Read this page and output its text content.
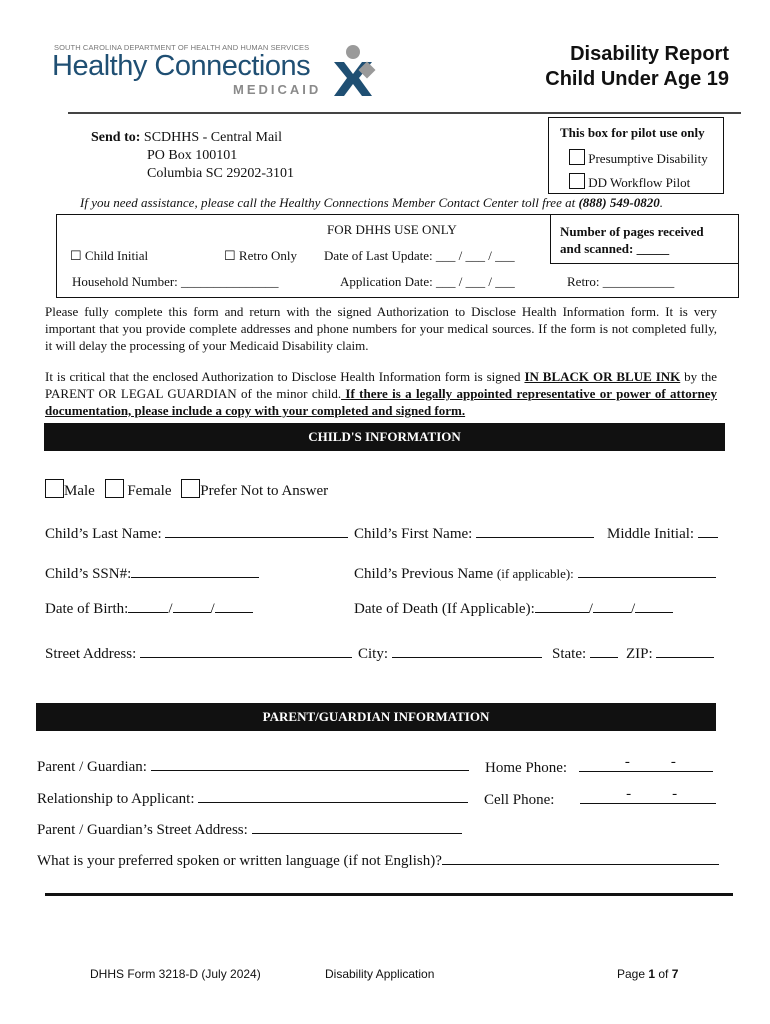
SOUTH CAROLINA DEPARTMENT OF HEALTH AND HUMAN SERVICES
Healthy Connections
MEDICAID
Disability Report
Child Under Age 19
Send to: SCDHHS - Central Mail
PO Box 100101
Columbia SC 29202-3101
This box for pilot use only
Presumptive Disability
DD Workflow Pilot
If you need assistance, please call the Healthy Connections Member Contact Center toll free at (888) 549-0820.
FOR DHHS USE ONLY	Number of pages received
and scanned: _____
☐ Child Initial	☐ Retro Only Date of Last Update: ___ / ___ / ___
Household Number: _______________	Application Date: ___ / ___ / ___	Retro: ___________

Please fully complete this form and return with the signed Authorization to Disclose Health Information form. It is very important that you provide complete addresses and phone numbers for your medical sources. If the form is not completed fully, it will delay the processing of your Medicaid Disability claim.

It is critical that the enclosed Authorization to Disclose Health Information form is signed IN BLACK OR BLUE INK by the PARENT OR LEGAL GUARDIAN of the minor child. If there is a legally appointed representative or power of attorney documentation, please include a copy with your completed and signed form.

CHILD'S INFORMATION
Male Female Prefer Not to Answer
Child’s Last Name:	Child’s First Name:	Middle Initial:
Child’s SSN#:	Child’s Previous Name (if applicable):
Date of Birth:	/	/	Date of Death (If Applicable):	/	/
Street Address:	City:	State:	ZIP:
PARENT/GUARDIAN INFORMATION
Parent / Guardian:	Home Phone:	-	-
Relationship to Applicant:	Cell Phone:	-	-
Parent / Guardian’s Street Address:
What is your preferred spoken or written language (if not English)?
DHHS Form 3218-D (July 2024)	Disability Application	Page 1 of 7
